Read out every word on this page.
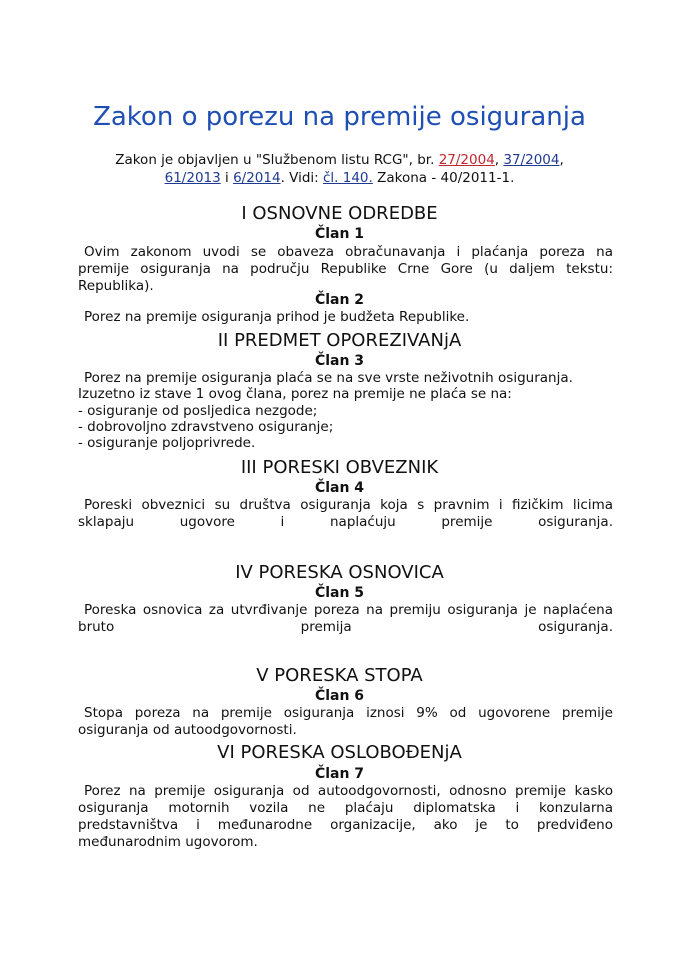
Zakon o porezu na premije osiguranja
Zakon je objavljen u "Službenom listu RCG", br. 27/2004, 37/2004,
61/2013 i 6/2014. Vidi: čl. 140. Zakona - 40/2011-1.
I OSNOVNE ODREDBE
Član 1
Ovim zakonom uvodi se obaveza obračunavanja i plaćanja poreza na
premije osiguranja na području Republike Crne Gore (u daljem tekstu:
Republika).
Član 2
Porez na premije osiguranja prihod je budžeta Republike.
II PREDMET OPOREZIVANjA
Član 3
Porez na premije osiguranja plaća se na sve vrste neživotnih osiguranja.
Izuzetno iz stave 1 ovog člana, porez na premije ne plaća se na:
- osiguranje od posljedica nezgode;
- dobrovoljno zdravstveno osiguranje;
- osiguranje poljoprivrede.
III PORESKI OBVEZNIK
Član 4
Poreski obveznici su društva osiguranja koja s pravnim i fizičkim licima
sklapaju ugovore i naplaćuju premije osiguranja.
IV PORESKA OSNOVICA
Član 5
Poreska osnovica za utvrđivanje poreza na premiju osiguranja je naplaćena
bruto premija osiguranja.
V PORESKA STOPA
Član 6
Stopa poreza na premije osiguranja iznosi 9% od ugovorene premije
osiguranja od autoodgovornosti.
VI PORESKA OSLOBOĐENjA
Član 7
Porez na premije osiguranja od autoodgovornosti, odnosno premije kasko
osiguranja motornih vozila ne plaćaju diplomatska i konzularna
predstavništva i međunarodne organizacije, ako je to predviđeno
međunarodnim ugovorom.
